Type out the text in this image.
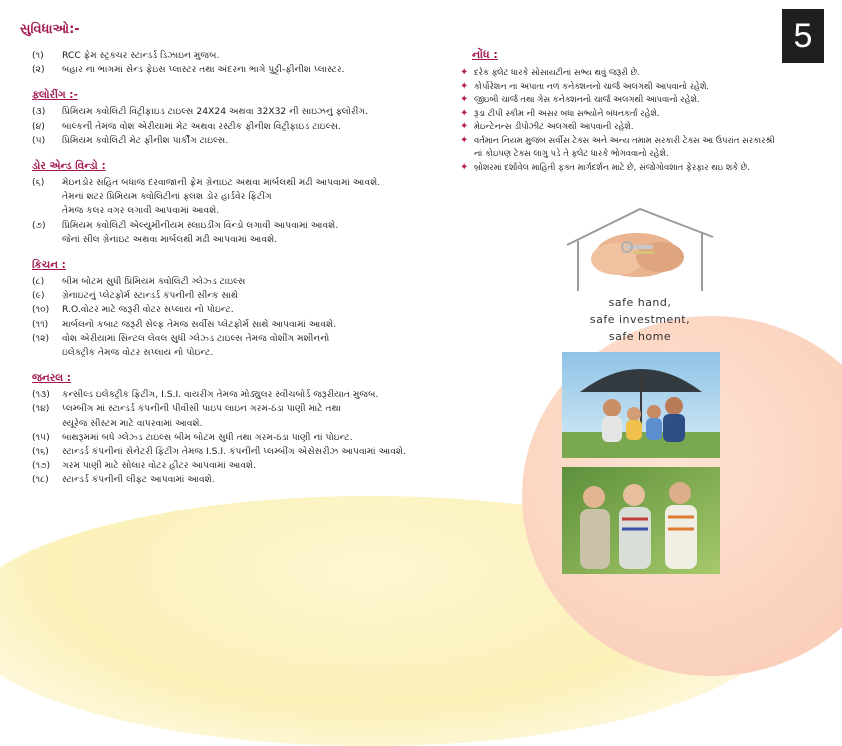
5
સુવિધાઓ:-
(૧)	RCC ફ્રેમ સ્ટ્રક્ચર સ્ટાન્ડર્ડ ડિઝાઇન મુજબ.
(૨)	બહાર ના ભાગમાં સેન્ડ ફેઇસ પ્લાસ્ટર તથા અંદરના ભાગે પુટ્ટી-ફીનીશ પ્લાસ્ટર.
ફ્લોરીંગ :-
(૩)	પ્રિમિયમ ક્વોલિટી વિટ્રીફાઇડ ટાઇલ્સ 24X24 અથવા 32X32 ની સાઇઝનું ફ્લોરીંગ.
(૪)	બાલ્કની તેમજ વોશ એરીયામાં મેટ અથવા રસ્ટીક ફીનીશ વિટ્રીફાઇડ ટાઇલ્સ.
(૫)	પ્રિમિયમ ક્વોલિટી મેટ ફીનીશ પાર્કીંગ ટાઇલ્સ.
ડોર એન્ડ વિન્ડો :
(૬)	મેઇનડોર સહિત બધાજ દરવાજાની ફ્રેમ ગ્રેનાઇટ અથવા માર્બલથી મઢી આપવામાં આવશે.
તેમનાં શટર પ્રિમિયમ ક્વોલિટીનાં ફ્લશ ડોર હાર્ડવેર ફિટીંગ
તેમજ કલર વગર લગાવી આપવામાં આવશે.
(૭)	પ્રિમિયમ ક્વોલિટી એલ્યુમીનીયમ સ્લાઇડીંગ વિન્ડો લગાવી આપવામાં આવશે.
જેનાં સીલ ગ્રેનાઇટ અથવા માર્બલથી મઢી આપવામાં આવશે.
કિચન :
(૮)	બીમ બોટમ સુધી પ્રિમિયમ ક્વોલિટી ગ્લેઝ્ડ ટાઇલ્સ
(૯)	ગ્રેનાઇટનું પ્લેટફોર્મ સ્ટાન્ડર્ડ કંપનીની સીન્ક સાથે
(૧૦)	R.O.વોટર માટે જરૂરી વોટર સપ્લાય નો પોઇન્ટ.
(૧૧)	માર્બલનો કબાટ જરૂરી સેલ્ફ તેમજ સર્વીસ પ્લેટફોર્મ સાથે આપવામાં આવશે.
(૧૨)	વોશ એરીયામાં સિન્ટલ લેવલ સુધી ગ્લેઝ્ડ ટાઇલ્સ તેમજ વોશીંગ મશીનનો
ઇલેક્ટ્રીક તેમજ વોટર સપ્લાય નો પોઇન્ટ.
જનરલ :
(૧૩)	કન્સીલ્ડ ઇલેક્ટ્રીક ફિટીંગ, I.S.I. વાયરીંગ તેમજ મોડ્યુલર સ્વીચબોર્ડ જરૂરીયાત મુજબ.
(૧૪)	પ્લમ્બીંગ માં સ્ટાન્ડર્ડ કંપનીની પીવીસી પાઇપ લાઇન ગરમ-ઠંડા પાણી માટે તથા
સ્યૂરેજ સીસ્ટમ માટે વાપરવામાં આવશે.
(૧૫)	બાથરૂમમાં બધે ગ્લેઝ્ડ ટાઇલ્સ બીમ બોટમ સુધી તથા ગરમ-ઠંડા પાણી નાં પોઇન્ટ.
(૧૬)	સ્ટાન્ડર્ડ કંપનીનાં સેનેટરી ફિટીંગ તેમજ I.S.I. કંપનીની પ્લમ્બીંગ એસેસરીઝ આપવામાં આવશે.
(૧૭)	ગરમ પાણી માટે સોલાર વોટર હીટર આપવામાં આવશે.
(૧૮)	સ્ટાન્ડર્ડ કંપનીની લીફ્ટ આપવામાં આવશે.
નોંધ :
✦ દરેક ફ્લેટ ધારકે સોસાયટીનાં સભ્ય થવું જરૂરી છે.
✦ કોર્પોરેશન ના અપાતા નળ કનેક્શનનો ચાર્જ અલગથી આપવાનો રહેશે.
✦ જીઇબી ચાર્જ તથા ગેસ કનેક્શનનો ચાર્જ અલગથી આપવાનો રહેશે.
✦ રૂડા ટીપી સ્કીમ ની અસર બધા સભ્યોને બંધનકર્તા રહેશે.
✦ મેઇન્ટેનન્સ ડીપોઝીટ અલગથી આપવાની રહેશે.
✦ વર્તમાન નિયમ મુજબ સર્વીસ ટેક્સ અને અન્ય તમામ સરકારી ટેક્સ આ ઉપરાંત સરકારશ્રી
નાં કોઇપણ ટેક્સ લાગુ પડે તે ફ્લેટ ધારકે ભોગવવાનો રહેશે.
✦ બ્રોશરમાં દર્શાવેલ માહિતી ફક્ત માર્ગદર્શન માટે છે, સંજોગોવશાત ફેરફાર થઇ શકે છે.
safe hand,
safe investment,
safe home
